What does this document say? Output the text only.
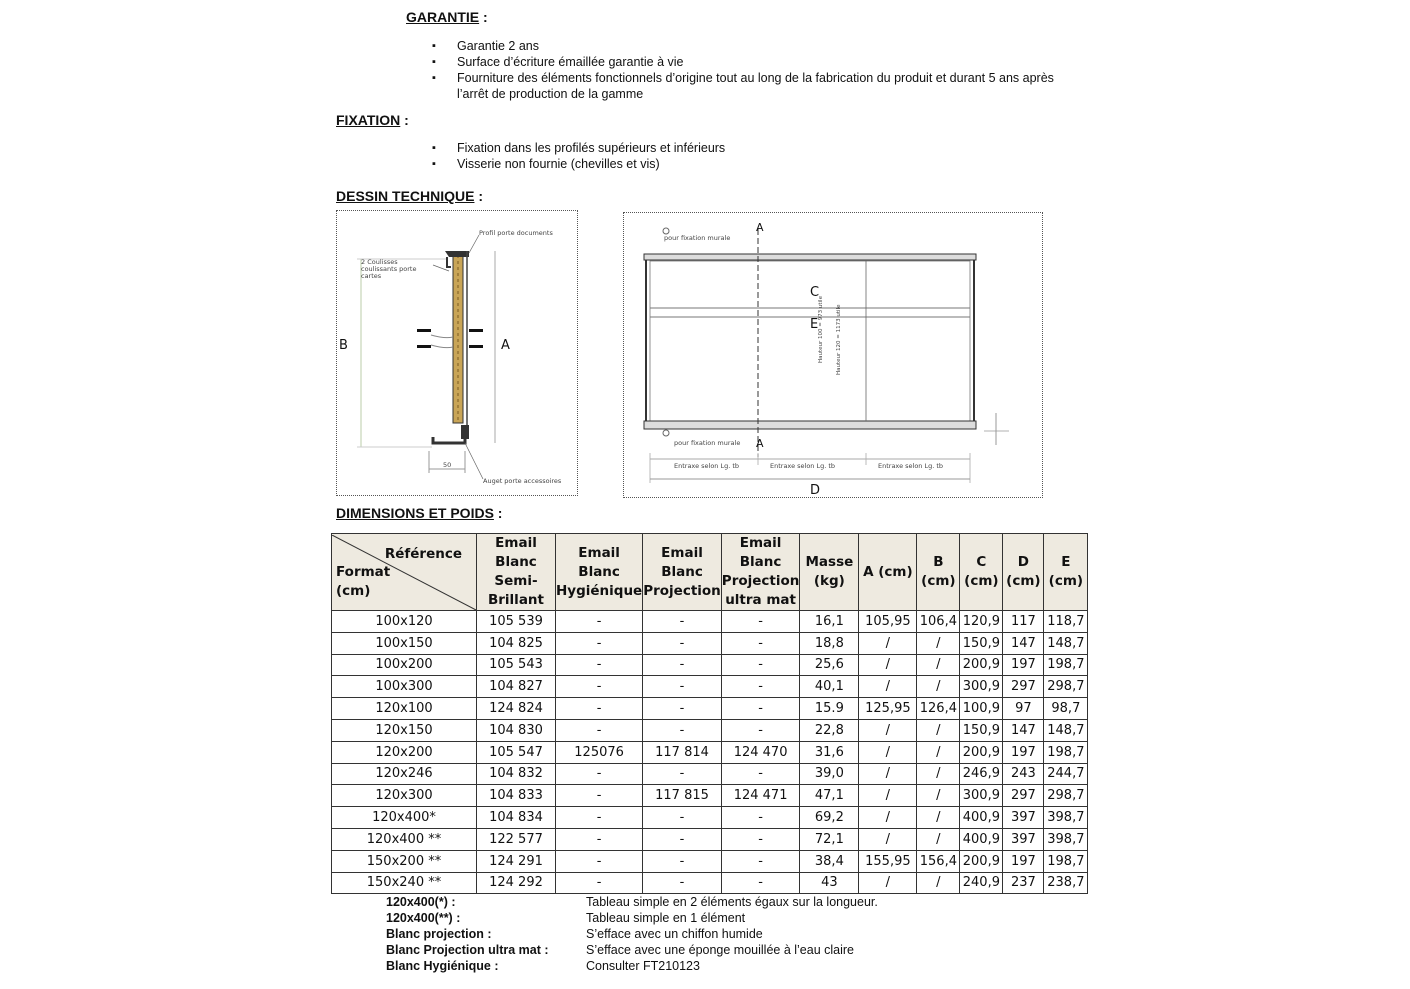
GARANTIE :
▪ Garantie 2 ans
▪ Surface d’écriture émaillée garantie à vie
▪ Fourniture des éléments fonctionnels d’origine tout au long de la fabrication du produit et durant 5 ans après l’arrêt de production de la gamme
FIXATION :
▪ Fixation dans les profilés supérieurs et inférieurs
▪ Visserie non fournie (chevilles et vis)
DESSIN TECHNIQUE :
Profil porte documents
2 Coulisses coulissants porte cartes
Auget porte accessoires
50
B	A
pour fixation murale
pour fixation murale
Entraxe selon Lg. tb	Entraxe selon Lg. tb	Entraxe selon Lg. tb
Hauteur 100 = 973 utile Hauteur 120 = 1173 utile
A
A
C
E
D
DIMENSIONS ET POIDS :
Référence
Format (cm)	Email Blanc Semi-Brillant	Email Blanc Hygiénique	Email Blanc Projection	Email Blanc Projection ultra mat	Masse (kg)	A (cm)	B (cm)	C (cm)	D (cm)	E (cm)
100x120	105 539	-	-	-	16,1	105,95	106,4	120,9	117	118,7
100x150	104 825	-	-	-	18,8	/	/	150,9	147	148,7
100x200	105 543	-	-	-	25,6	/	/	200,9	197	198,7
100x300	104 827	-	-	-	40,1	/	/	300,9	297	298,7
120x100	124 824	-	-	-	15.9	125,95	126,4	100,9	97	98,7
120x150	104 830	-	-	-	22,8	/	/	150,9	147	148,7
120x200	105 547	125076	117 814	124 470	31,6	/	/	200,9	197	198,7
120x246	104 832	-	-	-	39,0	/	/	246,9	243	244,7
120x300	104 833	-	117 815	124 471	47,1	/	/	300,9	297	298,7
120x400*	104 834	-	-	-	69,2	/	/	400,9	397	398,7
120x400 **	122 577	-	-	-	72,1	/	/	400,9	397	398,7
150x200 **	124 291	-	-	-	38,4	155,95	156,4	200,9	197	198,7
150x240 **	124 292	-	-	-	43	/	/	240,9	237	238,7
120x400(*) :	Tableau simple en 2 éléments égaux sur la longueur.
120x400(**) :	Tableau simple en 1 élément
Blanc projection :	S’efface avec un chiffon humide
Blanc Projection ultra mat :	S’efface avec une éponge mouillée à l’eau claire
Blanc Hygiénique :	Consulter FT210123
